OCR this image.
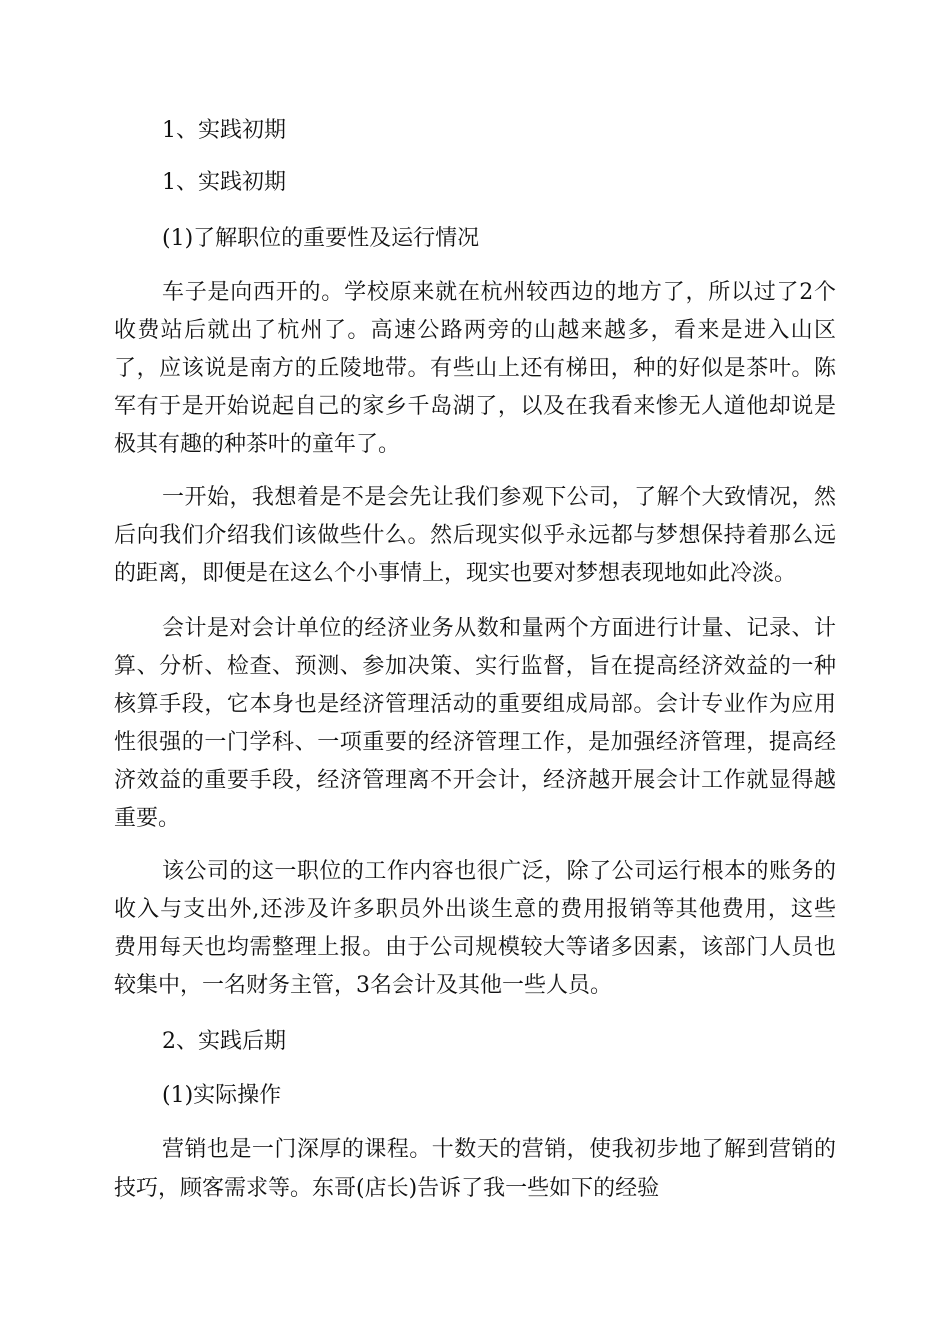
1、实践初期
1、实践初期
(1)了解职位的重要性及运行情况
车子是向西开的。学校原来就在杭州较西边的地方了，所以过了2个
收费站后就出了杭州了。高速公路两旁的山越来越多，看来是进入山区
了，应该说是南方的丘陵地带。有些山上还有梯田，种的好似是茶叶。陈
军有于是开始说起自己的家乡千岛湖了，以及在我看来惨无人道他却说是
极其有趣的种茶叶的童年了。
一开始，我想着是不是会先让我们参观下公司，了解个大致情况，然
后向我们介绍我们该做些什么。然后现实似乎永远都与梦想保持着那么远
的距离，即便是在这么个小事情上，现实也要对梦想表现地如此冷淡。
会计是对会计单位的经济业务从数和量两个方面进行计量、记录、计
算、分析、检查、预测、参加决策、实行监督，旨在提高经济效益的一种
核算手段，它本身也是经济管理活动的重要组成局部。会计专业作为应用
性很强的一门学科、一项重要的经济管理工作，是加强经济管理，提高经
济效益的重要手段，经济管理离不开会计，经济越开展会计工作就显得越
重要。
该公司的这一职位的工作内容也很广泛，除了公司运行根本的账务的
收入与支出外,还涉及许多职员外出谈生意的费用报销等其他费用，这些
费用每天也均需整理上报。由于公司规模较大等诸多因素，该部门人员也
较集中，一名财务主管，3名会计及其他一些人员。
2、实践后期
(1)实际操作
营销也是一门深厚的课程。十数天的营销，使我初步地了解到营销的
技巧，顾客需求等。东哥(店长)告诉了我一些如下的经验
